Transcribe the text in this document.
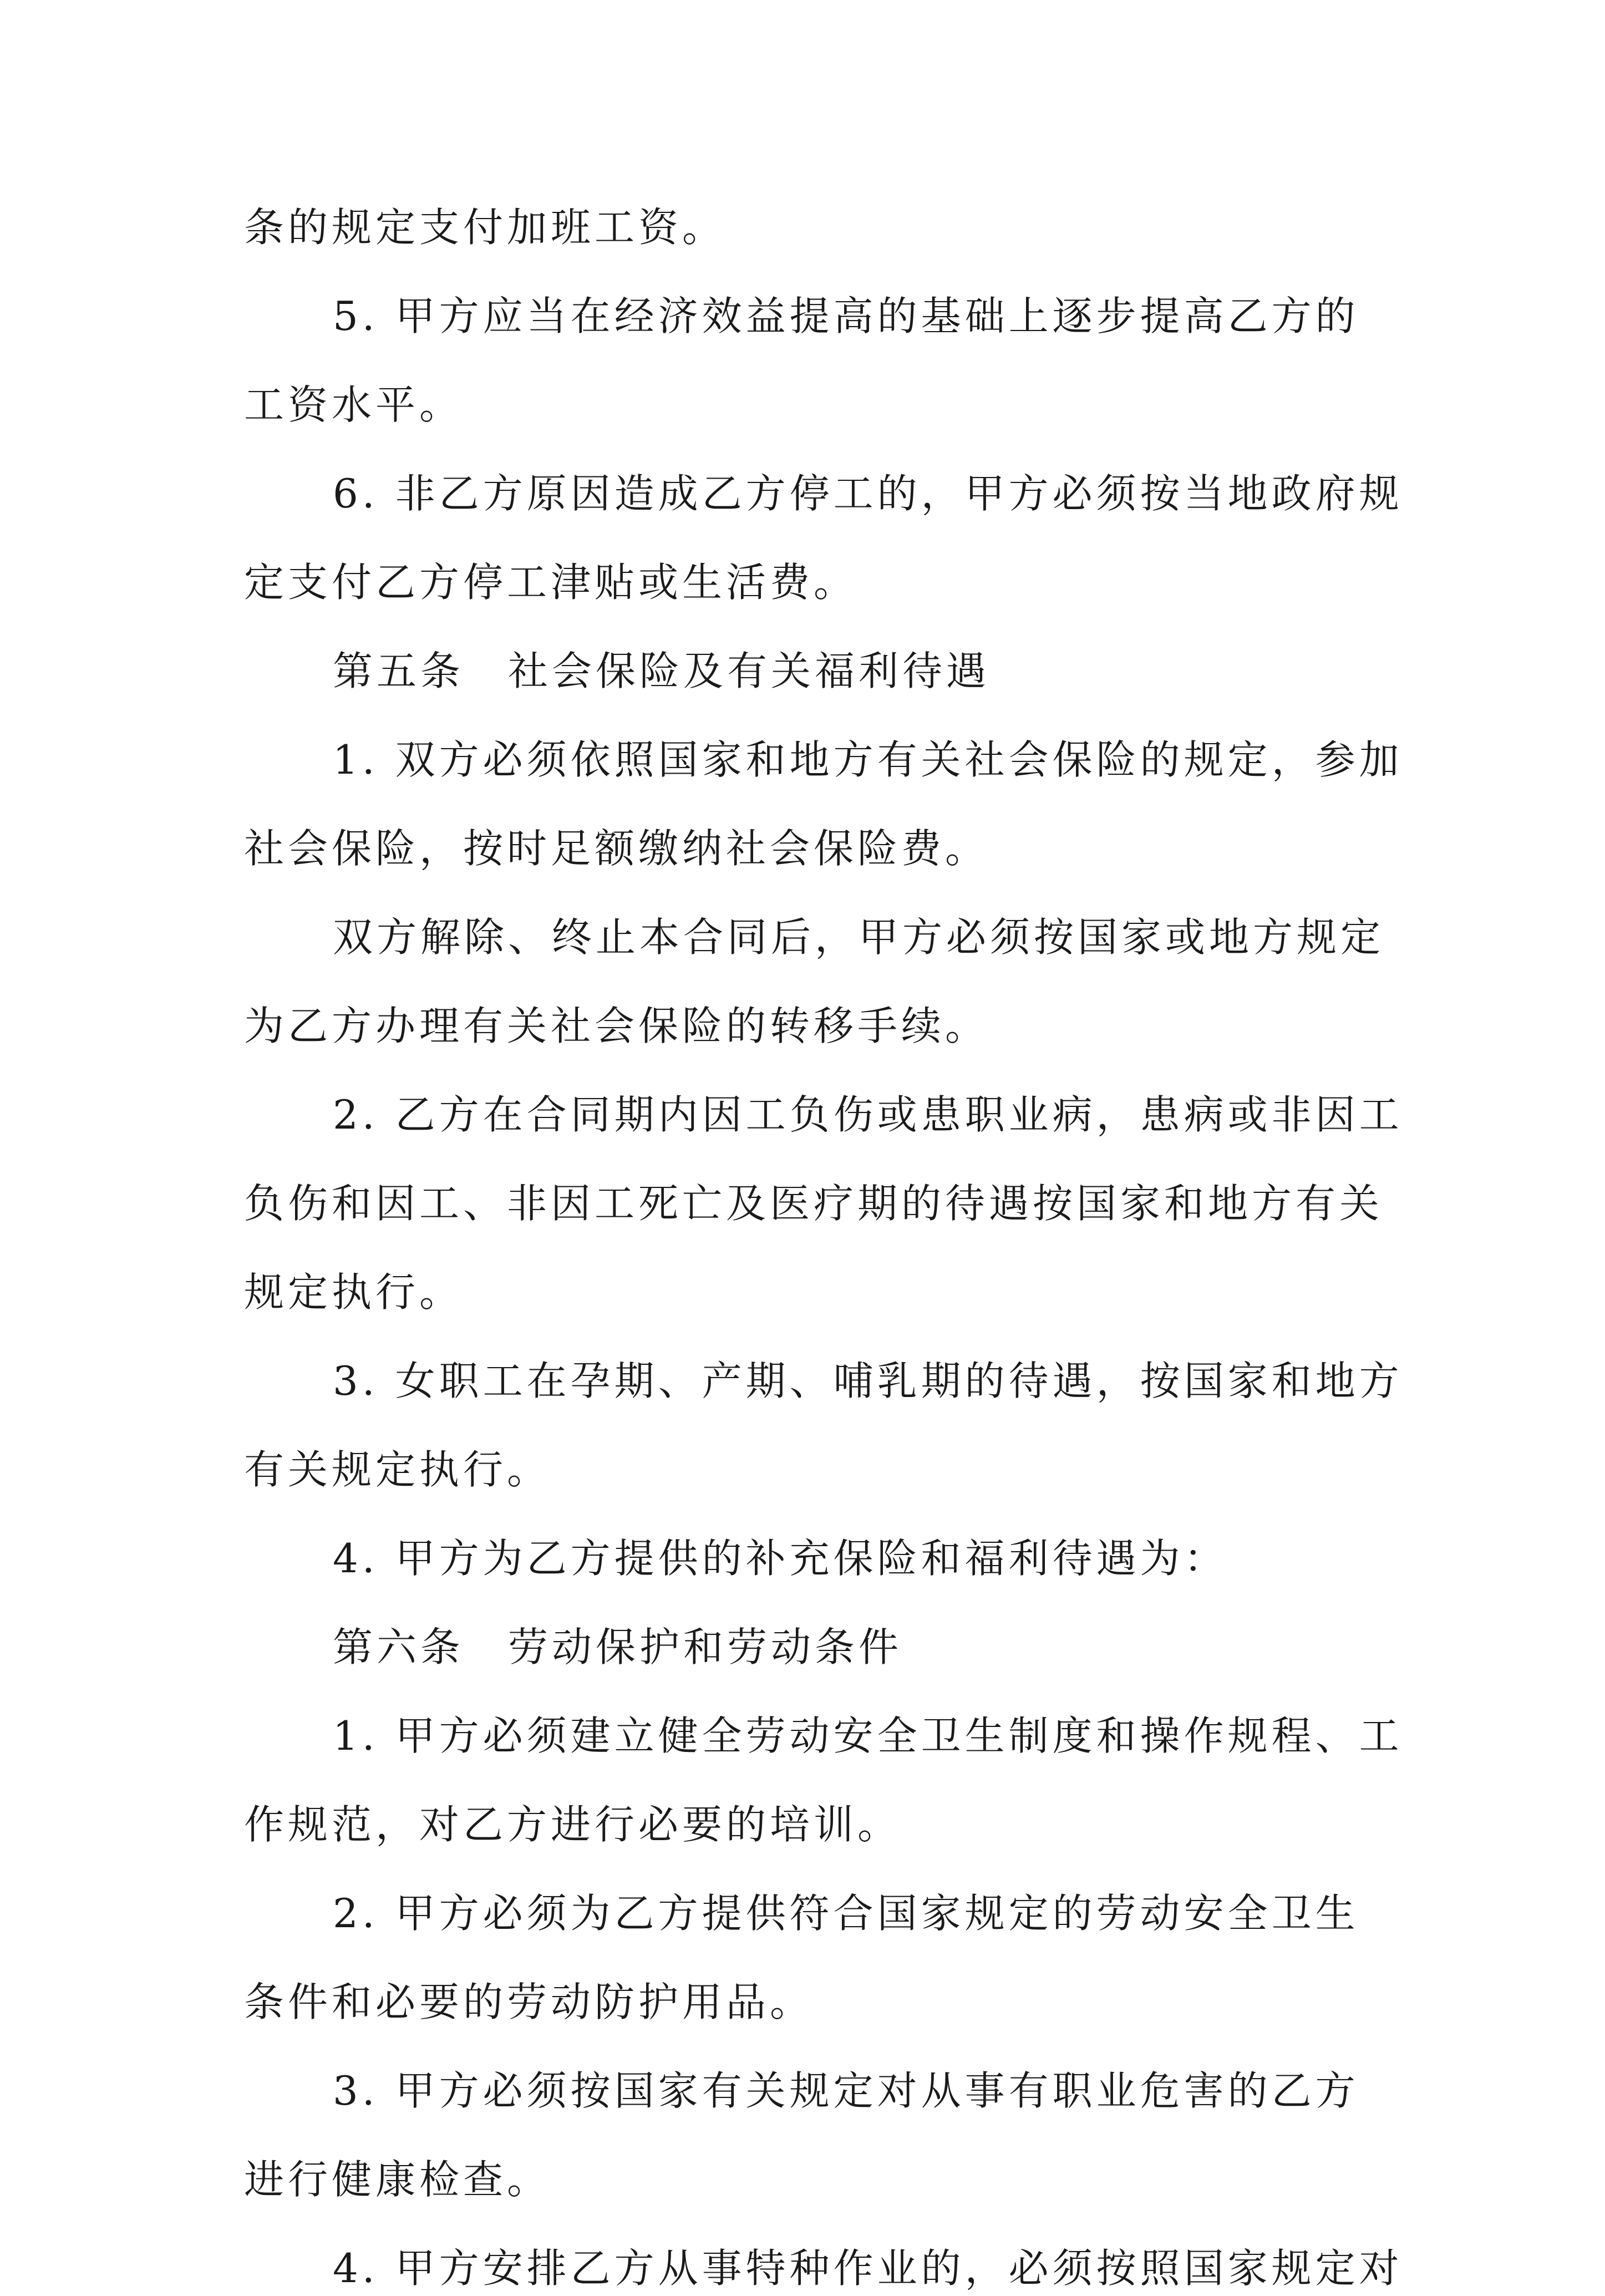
条的规定支付加班工资。
5. 甲方应当在经济效益提高的基础上逐步提高乙方的
工资水平。
6. 非乙方原因造成乙方停工的，甲方必须按当地政府规
定支付乙方停工津贴或生活费。
第五条　社会保险及有关福利待遇
1. 双方必须依照国家和地方有关社会保险的规定，参加
社会保险，按时足额缴纳社会保险费。
双方解除、终止本合同后，甲方必须按国家或地方规定
为乙方办理有关社会保险的转移手续。
2. 乙方在合同期内因工负伤或患职业病，患病或非因工
负伤和因工、非因工死亡及医疗期的待遇按国家和地方有关
规定执行。
3. 女职工在孕期、产期、哺乳期的待遇，按国家和地方
有关规定执行。
4. 甲方为乙方提供的补充保险和福利待遇为：
第六条　劳动保护和劳动条件
1. 甲方必须建立健全劳动安全卫生制度和操作规程、工
作规范，对乙方进行必要的培训。
2. 甲方必须为乙方提供符合国家规定的劳动安全卫生
条件和必要的劳动防护用品。
3. 甲方必须按国家有关规定对从事有职业危害的乙方
进行健康检查。
4. 甲方安排乙方从事特种作业的，必须按照国家规定对
